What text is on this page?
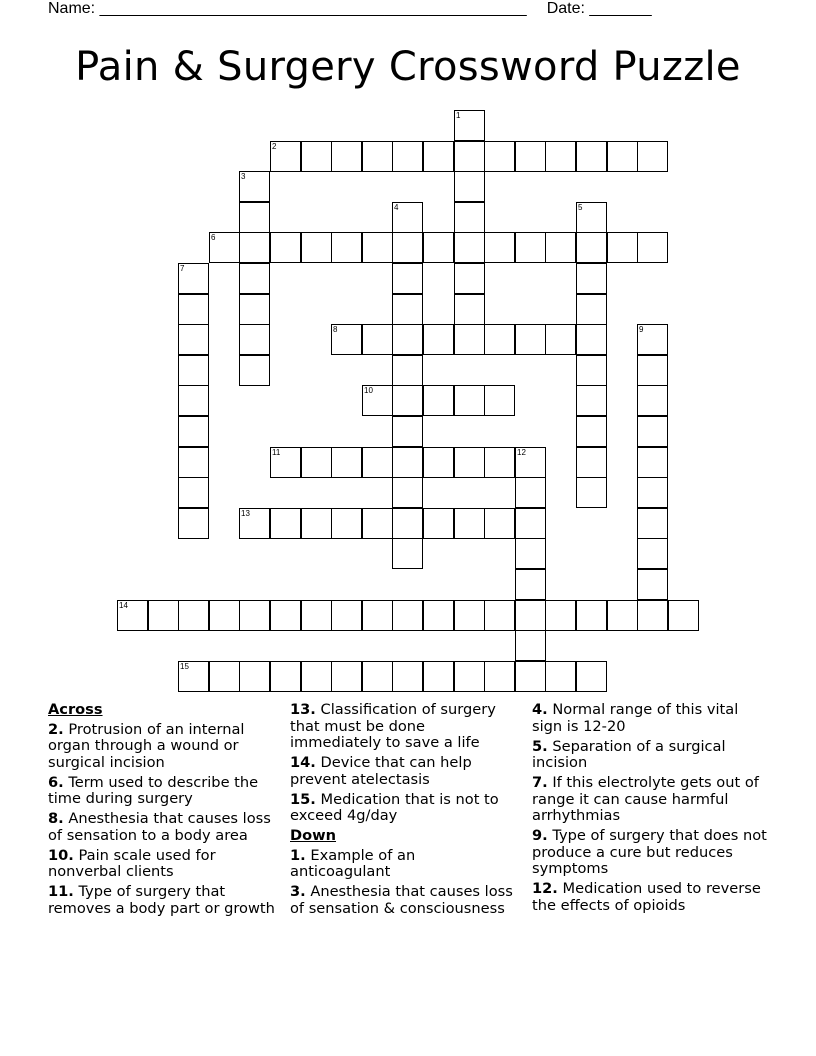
Name: ________________________________________________ Date: _______
Pain & Surgery Crossword Puzzle
1
2
3
4	5
6
7
8	9
10
11	12
13
14
15

Across

2. Protrusion of an internal organ through a wound or surgical incision

6. Term used to describe the time during surgery

8. Anesthesia that causes loss of sensation to a body area

10. Pain scale used for nonverbal clients

11. Type of surgery that removes a body part or growth

13. Classification of surgery that must be done immediately to save a life

14. Device that can help prevent atelectasis

15. Medication that is not to exceed 4g/day

Down

1. Example of an anticoagulant

3. Anesthesia that causes loss of sensation & consciousness

4. Normal range of this vital sign is 12-20

5. Separation of a surgical incision

7. If this electrolyte gets out of range it can cause harmful arrhythmias

9. Type of surgery that does not produce a cure but reduces symptoms

12. Medication used to reverse the effects of opioids
